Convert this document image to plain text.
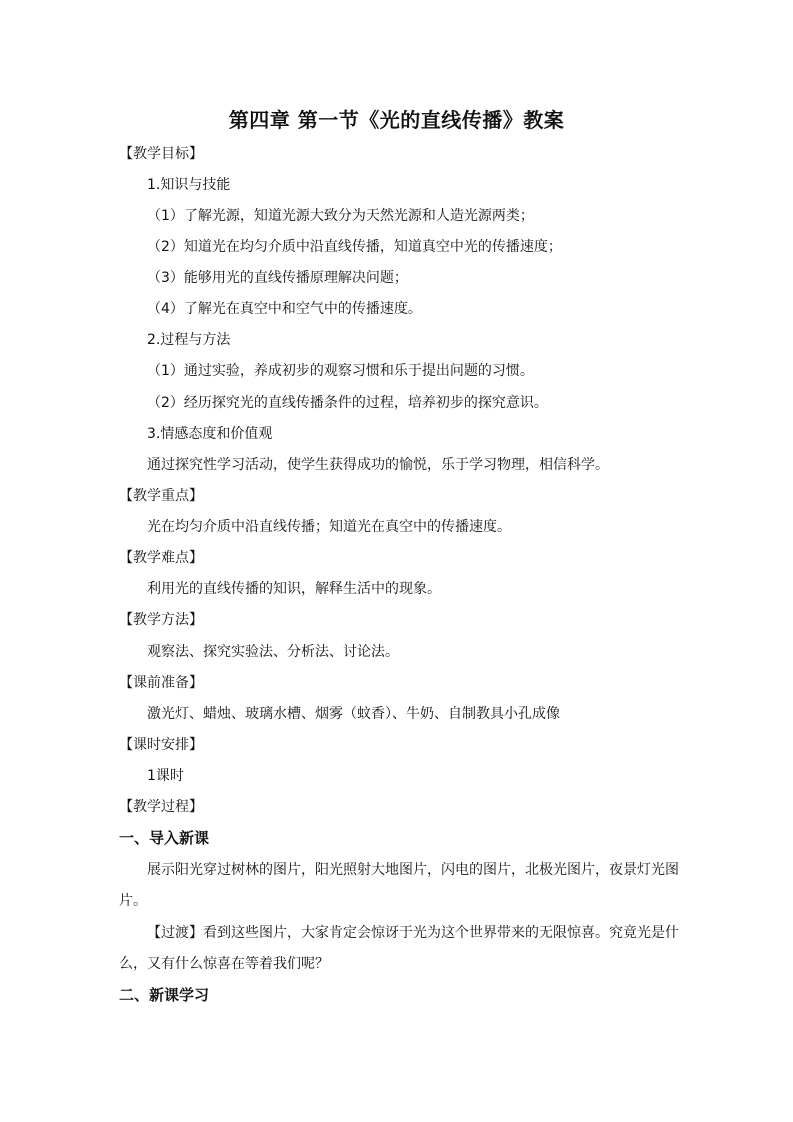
第四章 第一节《光的直线传播》教案
【教学目标】
1.知识与技能
（1）了解光源，知道光源大致分为天然光源和人造光源两类；
（2）知道光在均匀介质中沿直线传播，知道真空中光的传播速度；
（3）能够用光的直线传播原理解决问题；
（4）了解光在真空中和空气中的传播速度。
2.过程与方法
（1）通过实验，养成初步的观察习惯和乐于提出问题的习惯。
（2）经历探究光的直线传播条件的过程，培养初步的探究意识。
3.情感态度和价值观
通过探究性学习活动，使学生获得成功的愉悦，乐于学习物理，相信科学。
【教学重点】
光在均匀介质中沿直线传播；知道光在真空中的传播速度。
【教学难点】
利用光的直线传播的知识，解释生活中的现象。
【教学方法】
观察法、探究实验法、分析法、讨论法。
【课前准备】
激光灯、蜡烛、玻璃水槽、烟雾（蚊香）、牛奶、自制教具小孔成像
【课时安排】
1课时
【教学过程】
一、导入新课
展示阳光穿过树林的图片，阳光照射大地图片，闪电的图片，北极光图片，夜景灯光图片。
【过渡】看到这些图片，大家肯定会惊讶于光为这个世界带来的无限惊喜。究竟光是什么，又有什么惊喜在等着我们呢？
二、新课学习
